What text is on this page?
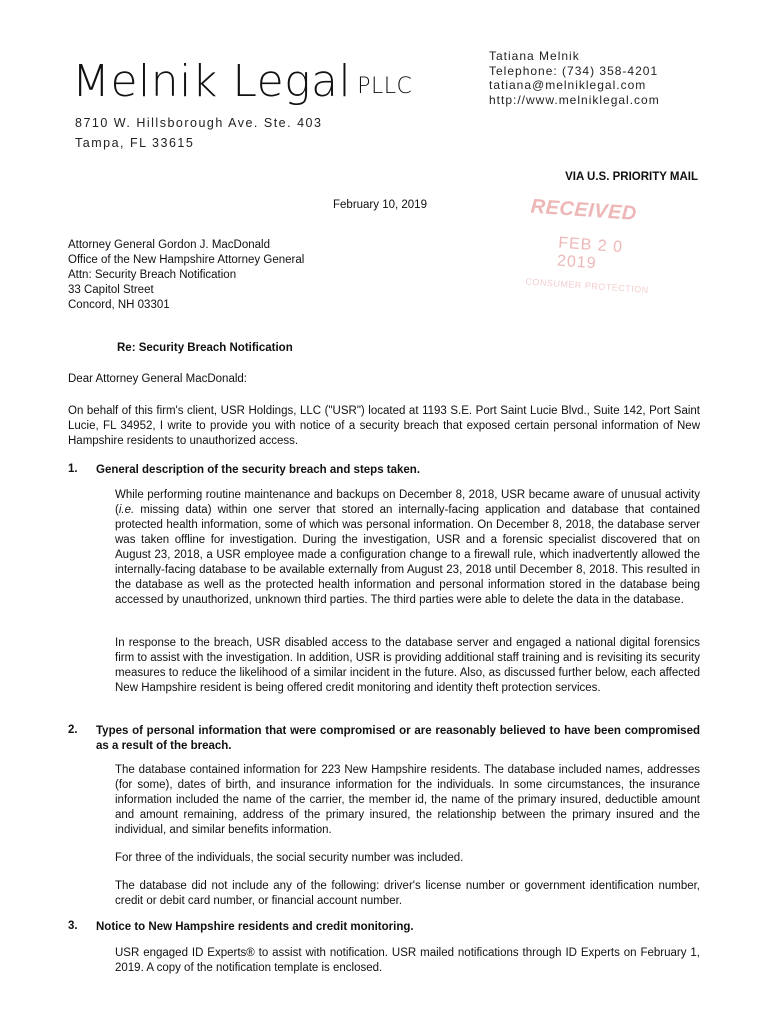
Melnik Legal PLLC
8710 W. Hillsborough Ave. Ste. 403
Tampa, FL 33615
Tatiana Melnik
Telephone: (734) 358-4201
tatiana@melniklegal.com
http://www.melniklegal.com
VIA U.S. PRIORITY MAIL
February 10, 2019	RECEIVED
FEB 2 0 2019
CONSUMER PROTECTION
Attorney General Gordon J. MacDonald
Office of the New Hampshire Attorney General
Attn: Security Breach Notification
33 Capitol Street
Concord, NH 03301
Re: Security Breach Notification
Dear Attorney General MacDonald:
On behalf of this firm's client, USR Holdings, LLC ("USR") located at 1193 S.E. Port Saint Lucie Blvd., Suite 142, Port Saint Lucie, FL 34952, I write to provide you with notice of a security breach that exposed certain personal information of New Hampshire residents to unauthorized access.
1. General description of the security breach and steps taken.
While performing routine maintenance and backups on December 8, 2018, USR became aware of unusual activity (i.e. missing data) within one server that stored an internally-facing application and database that contained protected health information, some of which was personal information. On December 8, 2018, the database server was taken offline for investigation. During the investigation, USR and a forensic specialist discovered that on August 23, 2018, a USR employee made a configuration change to a firewall rule, which inadvertently allowed the internally-facing database to be available externally from August 23, 2018 until December 8, 2018. This resulted in the database as well as the protected health information and personal information stored in the database being accessed by unauthorized, unknown third parties. The third parties were able to delete the data in the database.
In response to the breach, USR disabled access to the database server and engaged a national digital forensics firm to assist with the investigation. In addition, USR is providing additional staff training and is revisiting its security measures to reduce the likelihood of a similar incident in the future. Also, as discussed further below, each affected New Hampshire resident is being offered credit monitoring and identity theft protection services.
2. Types of personal information that were compromised or are reasonably believed to have been compromised as a result of the breach.
The database contained information for 223 New Hampshire residents. The database included names, addresses (for some), dates of birth, and insurance information for the individuals. In some circumstances, the insurance information included the name of the carrier, the member id, the name of the primary insured, deductible amount and amount remaining, address of the primary insured, the relationship between the primary insured and the individual, and similar benefits information.
For three of the individuals, the social security number was included.
The database did not include any of the following: driver's license number or government identification number, credit or debit card number, or financial account number.
3. Notice to New Hampshire residents and credit monitoring.
USR engaged ID Experts® to assist with notification. USR mailed notifications through ID Experts on February 1, 2019. A copy of the notification template is enclosed.
